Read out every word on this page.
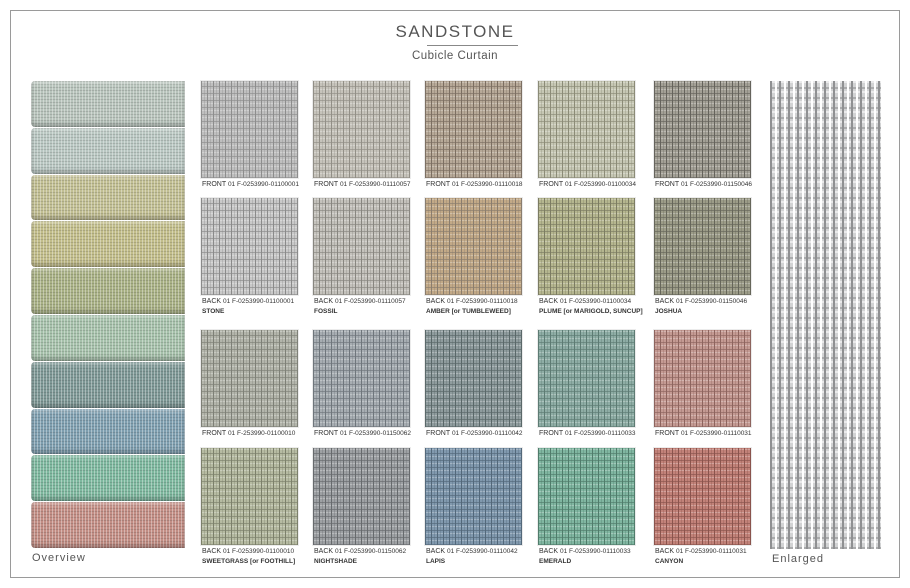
SANDSTONE
Cubicle Curtain
Overview
FRONT 01 F-0253990-01100001 FRONT 01 F-0253990-01110057 FRONT 01 F-0253990-01110018 FRONT 01 F-0253990-01100034	FRONT 01 F-0253990-01150046
BACK 01 F-0253990-01100001
STONE
BACK 01 F-0253990-01110057
FOSSIL
BACK 01 F-0253990-01110018
AMBER [or TUMBLEWEED]
BACK 01 F-0253990-01100034
PLUME [or MARIGOLD, SUNCUP]
BACK 01 F-0253990-01150046
JOSHUA
FRONT 01 F-253990-01100010	FRONT 01 F-0253990-01150062 FRONT 01 F-0253990-01110042 FRONT 01 F-0253990-01110033	FRONT 01 F-0253990-01110031
BACK 01 F-0253990-01100010
SWEETGRASS [or FOOTHILL]
BACK 01 F-0253990-01150062
NIGHTSHADE
BACK 01 F-0253990-01110042
LAPIS
BACK 01 F-0253990-01110033
EMERALD
BACK 01 F-0253990-01110031
CANYON	Enlarged
